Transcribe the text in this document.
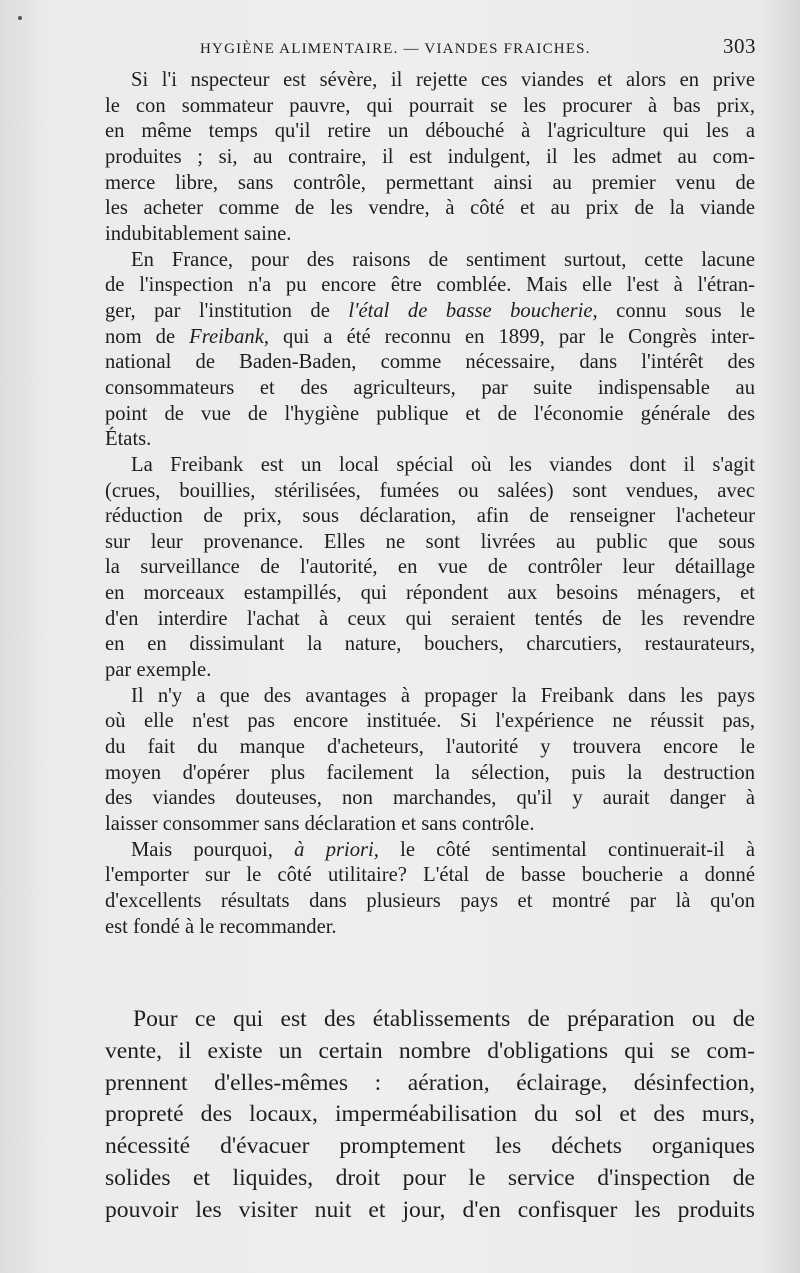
HYGIÈNE ALIMENTAIRE. — VIANDES FRAICHES.	303

Si l'i nspecteur est sévère, il rejette ces viandes et alors en prive
le con sommateur pauvre, qui pourrait se les procurer à bas prix,
en même temps qu'il retire un débouché à l'agriculture qui les a
produites ; si, au contraire, il est indulgent, il les admet au com-
merce libre, sans contrôle, permettant ainsi au premier venu de
les acheter comme de les vendre, à côté et au prix de la viande
indubitablement saine.

En France, pour des raisons de sentiment surtout, cette lacune
de l'inspection n'a pu encore être comblée. Mais elle l'est à l'étran-
ger, par l'institution de l'étal de basse boucherie, connu sous le
nom de Freibank, qui a été reconnu en 1899, par le Congrès inter-
national de Baden-Baden, comme nécessaire, dans l'intérêt des
consommateurs et des agriculteurs, par suite indispensable au
point de vue de l'hygiène publique et de l'économie générale des
États.

La Freibank est un local spécial où les viandes dont il s'agit
(crues, bouillies, stérilisées, fumées ou salées) sont vendues, avec
réduction de prix, sous déclaration, afin de renseigner l'acheteur
sur leur provenance. Elles ne sont livrées au public que sous
la surveillance de l'autorité, en vue de contrôler leur détaillage
en morceaux estampillés, qui répondent aux besoins ménagers, et
d'en interdire l'achat à ceux qui seraient tentés de les revendre
en en dissimulant la nature, bouchers, charcutiers, restaurateurs,
par exemple.

Il n'y a que des avantages à propager la Freibank dans les pays
où elle n'est pas encore instituée. Si l'expérience ne réussit pas,
du fait du manque d'acheteurs, l'autorité y trouvera encore le
moyen d'opérer plus facilement la sélection, puis la destruction
des viandes douteuses, non marchandes, qu'il y aurait danger à
laisser consommer sans déclaration et sans contrôle.

Mais pourquoi, à priori, le côté sentimental continuerait-il à
l'emporter sur le côté utilitaire? L'étal de basse boucherie a donné
d'excellents résultats dans plusieurs pays et montré par là qu'on
est fondé à le recommander.

Pour ce qui est des établissements de préparation ou de
vente, il existe un certain nombre d'obligations qui se com-
prennent d'elles-mêmes : aération, éclairage, désinfection,
propreté des locaux, imperméabilisation du sol et des murs,
nécessité d'évacuer promptement les déchets organiques
solides et liquides, droit pour le service d'inspection de
pouvoir les visiter nuit et jour, d'en confisquer les produits
